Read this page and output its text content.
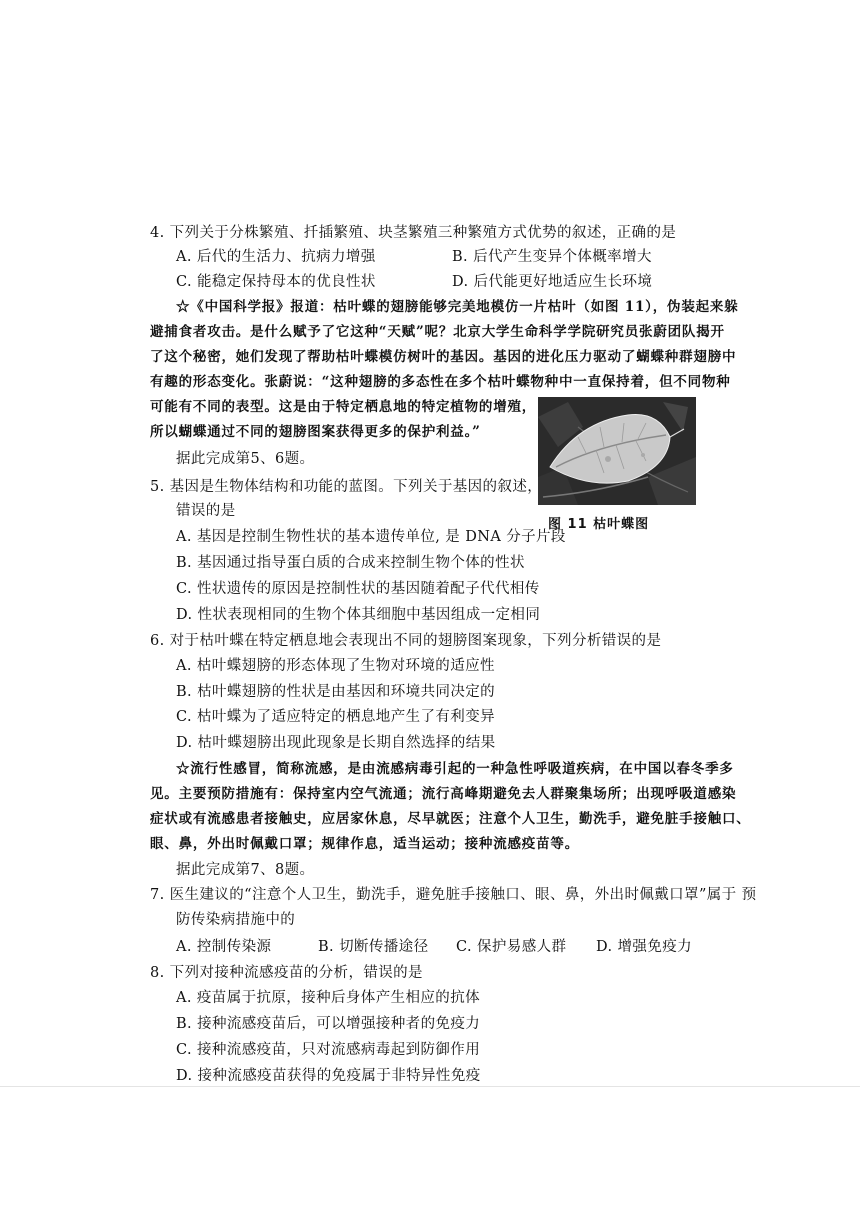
4. 下列关于分株繁殖、扦插繁殖、块茎繁殖三种繁殖方式优势的叙述，正确的是
A. 后代的生活力、抗病力增强	B. 后代产生变异个体概率增大
C. 能稳定保持母本的优良性状	D. 后代能更好地适应生长环境
☆《中国科学报》报道：枯叶蝶的翅膀能够完美地模仿一片枯叶（如图 11），伪装起来躲
避捕食者攻击。是什么赋予了它这种“天赋”呢？北京大学生命科学学院研究员张蔚团队揭开
了这个秘密，她们发现了帮助枯叶蝶模仿树叶的基因。基因的进化压力驱动了蝴蝶种群翅膀中
有趣的形态变化。张蔚说：“这种翅膀的多态性在多个枯叶蝶物种中一直保持着，但不同物种
可能有不同的表型。这是由于特定栖息地的特定植物的增殖，
所以蝴蝶通过不同的翅膀图案获得更多的保护利益。”
据此完成第5、6题。
图 11 枯叶蝶图
5. 基因是生物体结构和功能的蓝图。下列关于基因的叙述，
错误的是
A. 基因是控制生物性状的基本遗传单位, 是 DNA 分子片段
B. 基因通过指导蛋白质的合成来控制生物个体的性状
C. 性状遗传的原因是控制性状的基因随着配子代代相传
D. 性状表现相同的生物个体其细胞中基因组成一定相同
6. 对于枯叶蝶在特定栖息地会表现出不同的翅膀图案现象，下列分析错误的是
A. 枯叶蝶翅膀的形态体现了生物对环境的适应性
B. 枯叶蝶翅膀的性状是由基因和环境共同决定的
C. 枯叶蝶为了适应特定的栖息地产生了有利变异
D. 枯叶蝶翅膀出现此现象是长期自然选择的结果
☆流行性感冒，简称流感，是由流感病毒引起的一种急性呼吸道疾病，在中国以春冬季多
见。主要预防措施有：保持室内空气流通；流行高峰期避免去人群聚集场所；出现呼吸道感染
症状或有流感患者接触史，应居家休息，尽早就医；注意个人卫生，勤洗手，避免脏手接触口、
眼、鼻，外出时佩戴口罩；规律作息，适当运动；接种流感疫苗等。
据此完成第7、8题。
7. 医生建议的“注意个人卫生，勤洗手，避免脏手接触口、眼、鼻，外出时佩戴口罩”属于 预
防传染病措施中的
A. 控制传染源	B. 切断传播途径 C. 保护易感人群 D. 增强免疫力
8. 下列对接种流感疫苗的分析，错误的是
A. 疫苗属于抗原，接种后身体产生相应的抗体
B. 接种流感疫苗后，可以增强接种者的免疫力
C. 接种流感疫苗，只对流感病毒起到防御作用
D. 接种流感疫苗获得的免疫属于非特异性免疫
